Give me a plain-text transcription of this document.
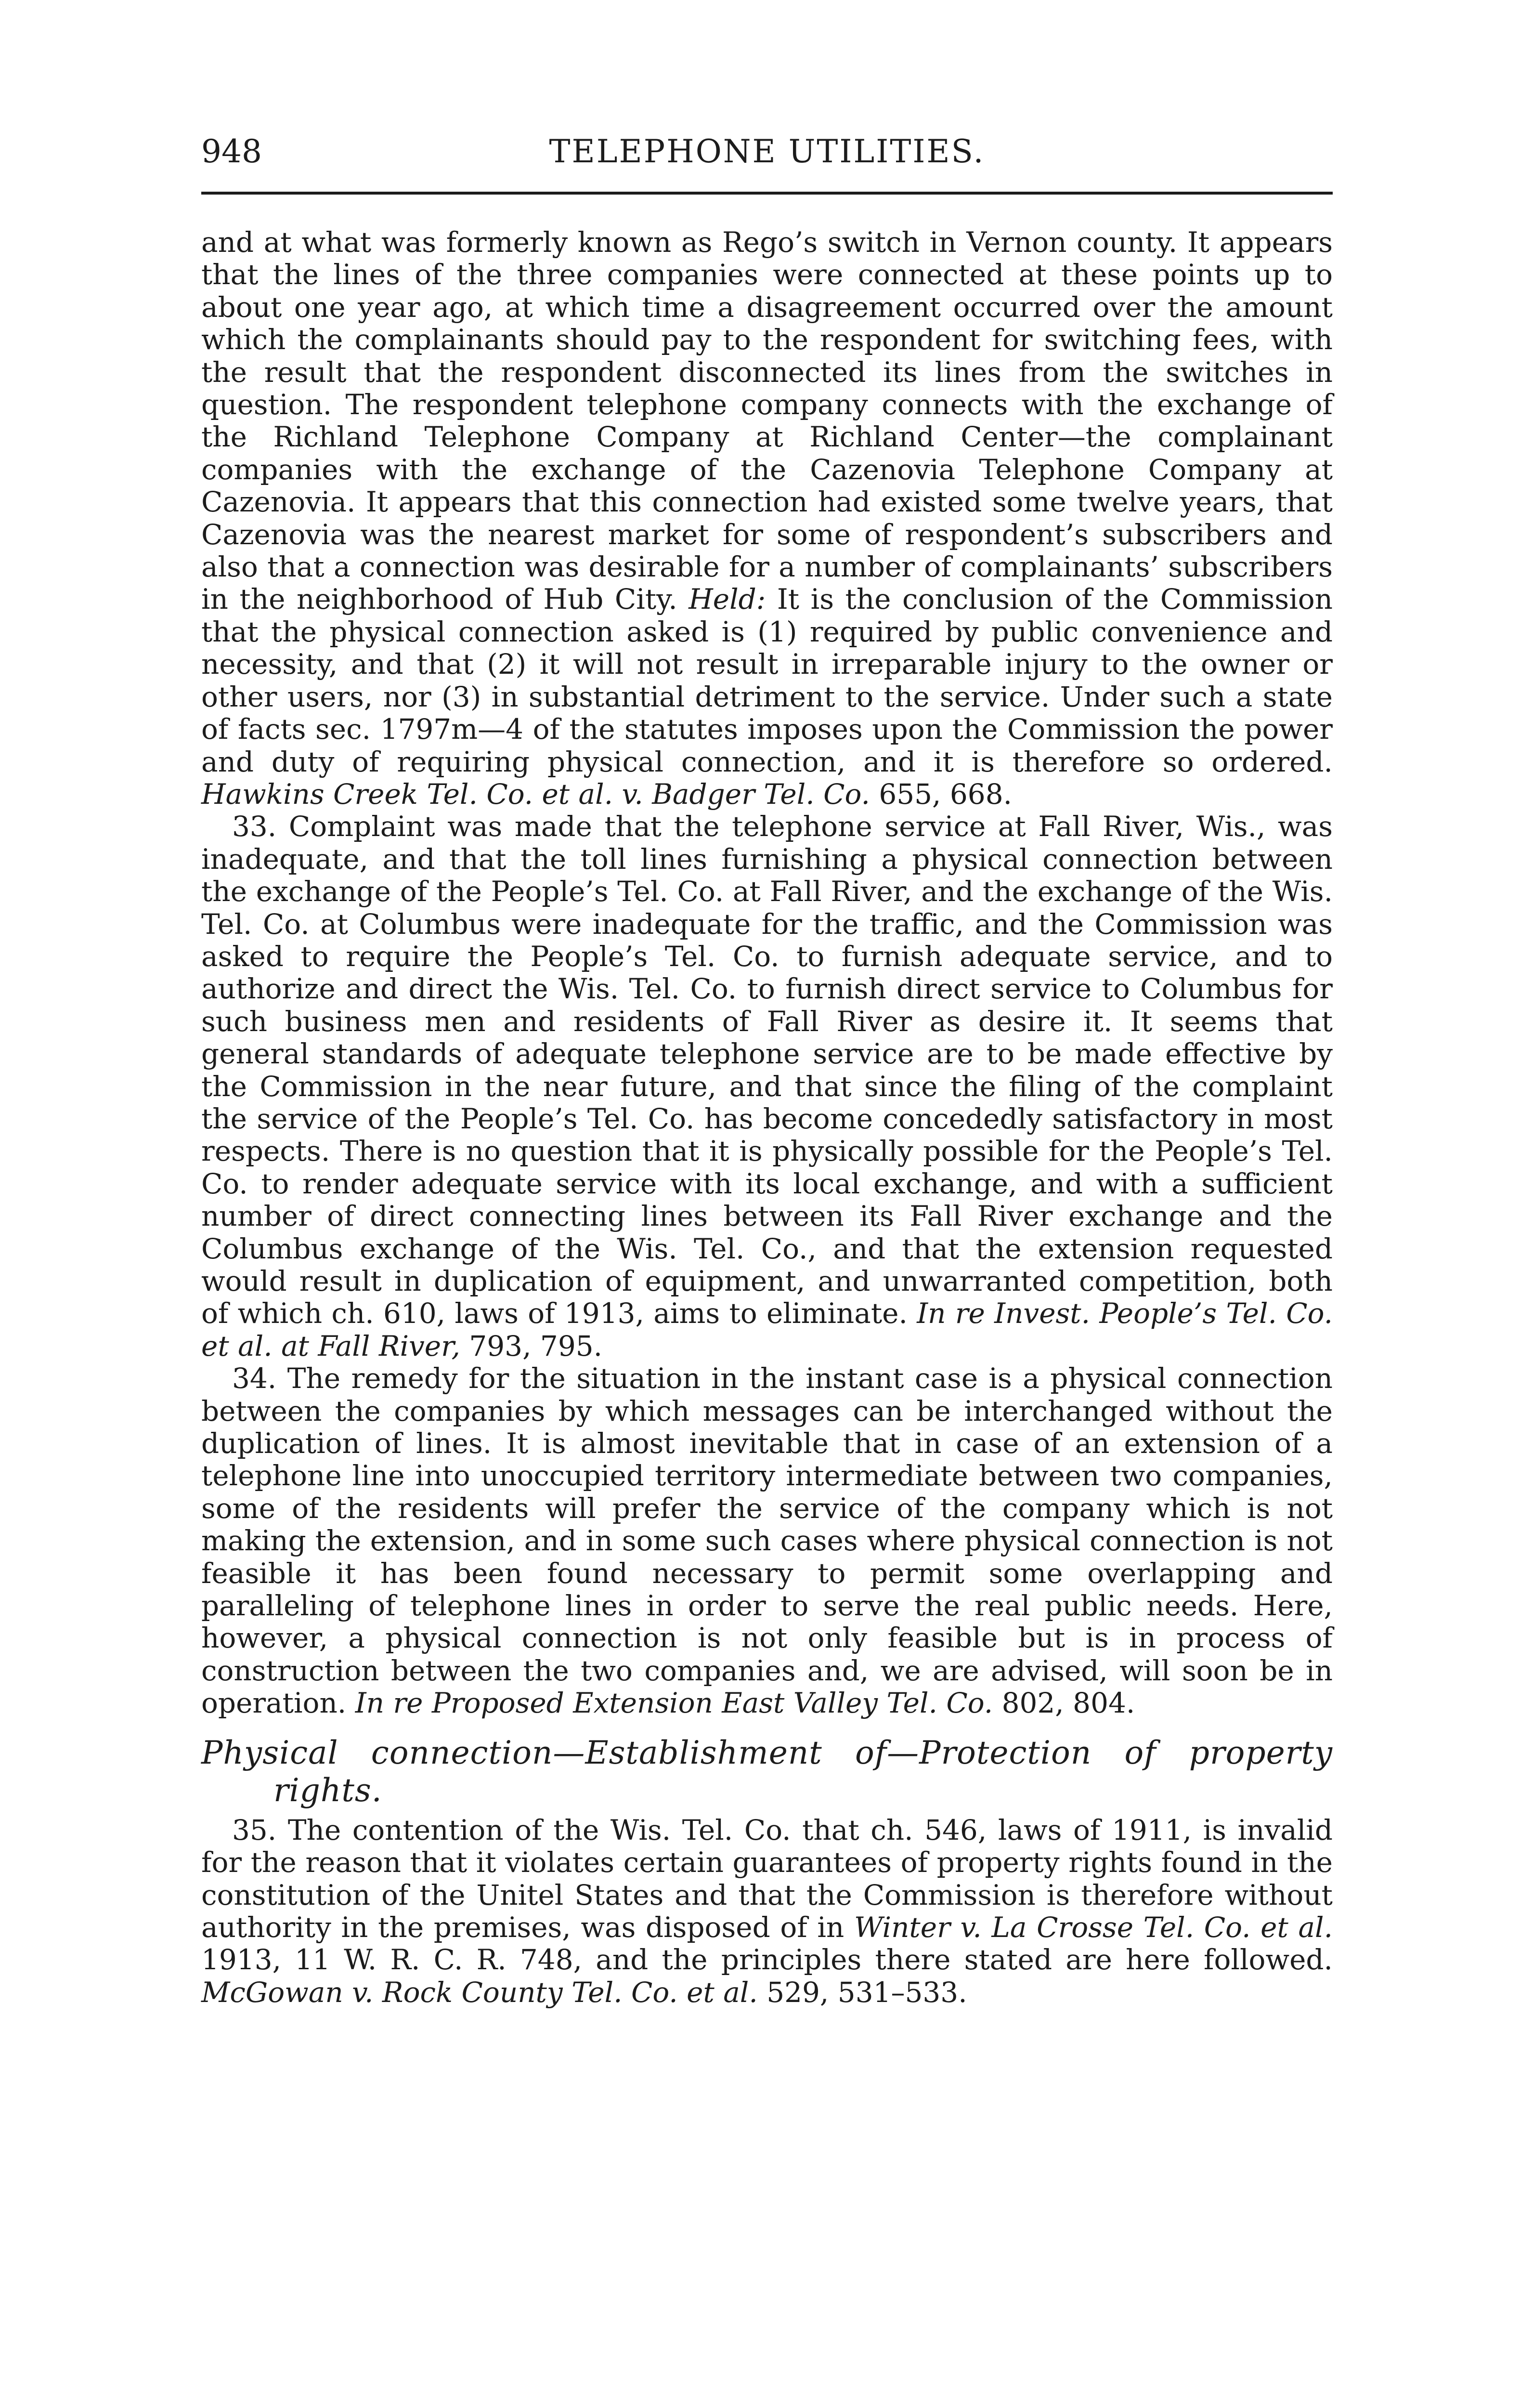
948	TELEPHONE UTILITIES.

and at what was formerly known as Rego’s switch in Vernon county. It appears that the lines of the three companies were connected at these points up to about one year ago, at which time a disagreement occurred over the amount which the complainants should pay to the respondent for switching fees, with the result that the respondent disconnected its lines from the switches in question. The respondent telephone company connects with the exchange of the Richland Telephone Company at Richland Center—the complainant companies with the exchange of the Cazenovia Telephone Company at Cazenovia. It appears that this connection had existed some twelve years, that Cazenovia was the nearest market for some of respondent’s subscribers and also that a connection was desirable for a number of complainants’ subscribers in the neighborhood of Hub City. Held: It is the conclusion of the Commission that the physical connection asked is (1) required by public convenience and necessity, and that (2) it will not result in irreparable injury to the owner or other users, nor (3) in substantial detriment to the service. Under such a state of facts sec. 1797m—4 of the statutes imposes upon the Commission the power and duty of requiring physical connection, and it is therefore so ordered. Hawkins Creek Tel. Co. et al. v. Badger Tel. Co. 655, 668.

33. Complaint was made that the telephone service at Fall River, Wis., was inadequate, and that the toll lines furnishing a physical connection between the exchange of the People’s Tel. Co. at Fall River, and the exchange of the Wis. Tel. Co. at Columbus were inadequate for the traffic, and the Commission was asked to require the People’s Tel. Co. to furnish adequate service, and to authorize and direct the Wis. Tel. Co. to furnish direct service to Columbus for such business men and residents of Fall River as desire it. It seems that general standards of adequate telephone service are to be made effective by the Commission in the near future, and that since the filing of the complaint the service of the People’s Tel. Co. has become concededly satisfactory in most respects. There is no question that it is physically possible for the People’s Tel. Co. to render adequate service with its local exchange, and with a sufficient number of direct connecting lines between its Fall River exchange and the Columbus exchange of the Wis. Tel. Co., and that the extension requested would result in duplication of equipment, and unwarranted competition, both of which ch. 610, laws of 1913, aims to eliminate. In re Invest. People’s Tel. Co. et al. at Fall River, 793, 795.

34. The remedy for the situation in the instant case is a physical connection between the companies by which messages can be interchanged without the duplication of lines. It is almost inevitable that in case of an extension of a telephone line into unoccupied territory intermediate between two companies, some of the residents will prefer the service of the company which is not making the extension, and in some such cases where physical connection is not feasible it has been found necessary to permit some overlapping and paralleling of telephone lines in order to serve the real public needs. Here, however, a physical connection is not only feasible but is in process of construction between the two companies and, we are advised, will soon be in operation. In re Proposed Extension East Valley Tel. Co. 802, 804.

Physical connection—Establishment of—Protection of property rights.

35. The contention of the Wis. Tel. Co. that ch. 546, laws of 1911, is invalid for the reason that it violates certain guarantees of property rights found in the constitution of the Unitel States and that the Commission is therefore without authority in the premises, was disposed of in Winter v. La Crosse Tel. Co. et al. 1913, 11 W. R. C. R. 748, and the principles there stated are here followed. McGowan v. Rock County Tel. Co. et al. 529, 531–533.
